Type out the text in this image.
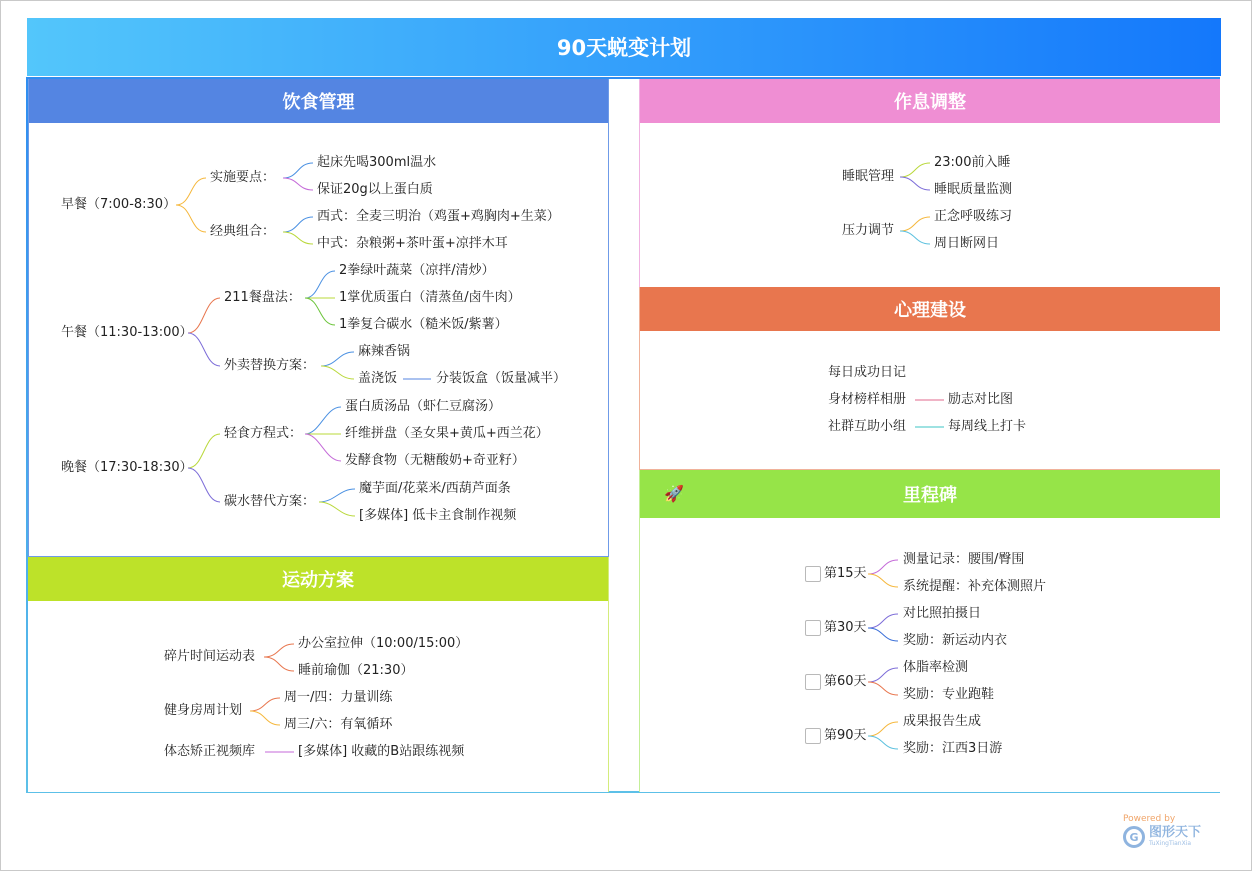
90天蜕变计划
饮食管理
运动方案
作息调整
心理建设
里程碑
🚀
早餐（7:00-8:30）
实施要点：
起床先喝300ml温水
保证20g以上蛋白质
经典组合：
西式：全麦三明治（鸡蛋+鸡胸肉+生菜）
中式：杂粮粥+茶叶蛋+凉拌木耳
午餐（11:30-13:00）
211餐盘法：
2拳绿叶蔬菜（凉拌/清炒）
1掌优质蛋白（清蒸鱼/卤牛肉）
1拳复合碳水（糙米饭/紫薯）
外卖替换方案：
麻辣香锅
盖浇饭	分装饭盒（饭量减半）
晚餐（17:30-18:30）
轻食方程式：
蛋白质汤品（虾仁豆腐汤）
纤维拼盘（圣女果+黄瓜+西兰花）
发酵食物（无糖酸奶+奇亚籽）
碳水替代方案：
魔芋面/花菜米/西葫芦面条
[多媒体] 低卡主食制作视频
碎片时间运动表
办公室拉伸（10:00/15:00）
睡前瑜伽（21:30）
健身房周计划
周一/四：力量训练
周三/六：有氧循环
体态矫正视频库	[多媒体] 收藏的B站跟练视频
睡眠管理
23:00前入睡
睡眠质量监测
压力调节
正念呼吸练习
周日断网日
每日成功日记
身材榜样相册	励志对比图
社群互助小组	每周线上打卡
第15天
测量记录：腰围/臀围
系统提醒：补充体测照片
第30天
对比照拍摄日
奖励：新运动内衣
第60天
体脂率检测
奖励：专业跑鞋
第90天
成果报告生成
奖励：江西3日游
Powered by
G 图形天下
TuXingTianXia
